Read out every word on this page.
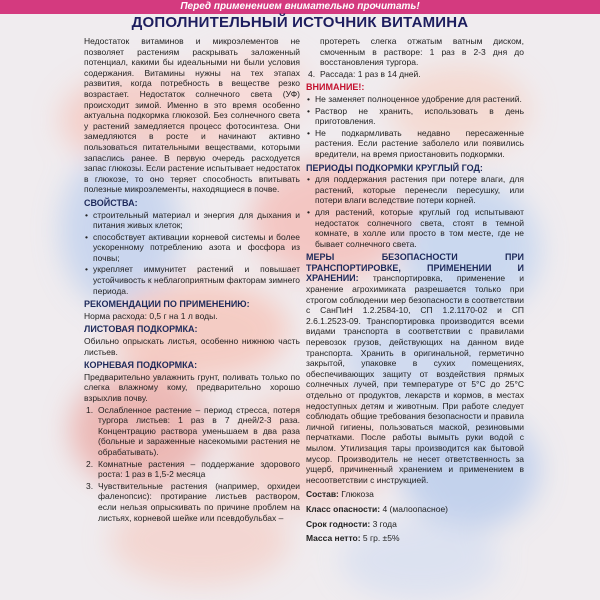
Перед применением внимательно прочитать!
ДОПОЛНИТЕЛЬНЫЙ ИСТОЧНИК ВИТАМИНА

Недостаток витаминов и микроэлементов не позволяет растениям раскрывать заложенный потенциал, какими бы идеальными ни были условия содержания. Витамины нужны на тех этапах развития, когда потребность в веществе резко возрастает. Недостаток солнечного света (УФ) происходит зимой. Именно в это время особенно актуальна подкормка глюкозой. Без солнечного света у растений замедляется процесс фотосинтеза. Они замедляются в росте и начинают активно пользоваться питательными веществами, которыми запаслись ранее. В первую очередь расходуется запас глюкозы. Если растение испытывает недостаток в глюкозе, то оно теряет способность впитывать полезные микроэлементы, находящиеся в почве.

СВОЙСТВА:
• строительный материал и энергия для дыхания и питания живых клеток;
• способствует активации корневой системы и более ускоренному потреблению азота и фосфора из почвы;
• укрепляет иммунитет растений и повышает устойчивость к неблагоприятным факторам зимнего периода.
РЕКОМЕНДАЦИИ ПО ПРИМЕНЕНИЮ:

Норма расхода: 0,5 г на 1 л воды.

ЛИСТОВАЯ ПОДКОРМКА:

Обильно опрыскать листья, особенно нижнюю часть листьев.

КОРНЕВАЯ ПОДКОРМКА:

Предварительно увлажнить грунт, поливать только по слегка влажному кому, предварительно хорошо взрыхлив почву.

1. Ослабленное растение – период стресса, потеря тургора листьев: 1 раз в 7 дней/2-3 раза. Концентрацию раствора уменьшаем в два раза (больные и зараженные насекомыми растения не обрабатывать).
2. Комнатные растения – поддержание здорового роста: 1 раз в 1,5-2 месяца
3. Чувствительные растения (например, орхидеи фаленопсис): протирание листьев раствором, если нельзя опрыскивать по причине проблем на листьях, корневой шейке или псевдобульбах –

протереть слегка отжатым ватным диском, смоченным в растворе: 1 раз в 2-3 дня до восстановления тургора.

4. Рассада: 1 раз в 14 дней.
ВНИМАНИЕ!:
• Не заменяет полноценное удобрение для растений.
• Раствор не хранить, использовать в день приготовления.
• Не подкармливать недавно пересаженные растения. Если растение заболело или появились вредители, на время приостановить подкормки.
ПЕРИОДЫ ПОДКОРМКИ КРУГЛЫЙ ГОД:
• для поддержания растения при потере влаги, для растений, которые перенесли пересушку, или потери влаги вследствие потери корней.
• для растений, которые круглый год испытывают недостаток солнечного света, стоят в темной комнате, в холле или просто в том месте, где не бывает солнечного света.

МЕРЫ БЕЗОПАСНОСТИ ПРИ ТРАНСПОРТИРОВКЕ, ПРИМЕНЕНИИ И ХРАНЕНИИ: транспортировка, применение и хранение агрохимиката разрешается только при строгом соблюдении мер безопасности в соответствии с СанПиН 1.2.2584-10, СП 1.2.1170-02 и СП 2.6.1.2523-09. Транспортировка производится всеми видами транспорта в соответствии с правилами перевозок грузов, действующих на данном виде транспорта. Хранить в оригинальной, герметично закрытой, упаковке в сухих помещениях, обеспечивающих защиту от воздействия прямых солнечных лучей, при температуре от 5°С до 25°С отдельно от продуктов, лекарств и кормов, в местах недоступных детям и животным. При работе следует соблюдать общие требования безопасности и правила личной гигиены, пользоваться маской, резиновыми перчатками. После работы вымыть руки водой с мылом. Утилизация тары производится как бытовой мусор. Производитель не несет ответственность за ущерб, причиненный хранением и применением в несоответствии с инструкцией.

Состав: Глюкоза
Класс опасности: 4 (малоопасное)
Срок годности: 3 года
Масса нетто: 5 гр. ±5%
